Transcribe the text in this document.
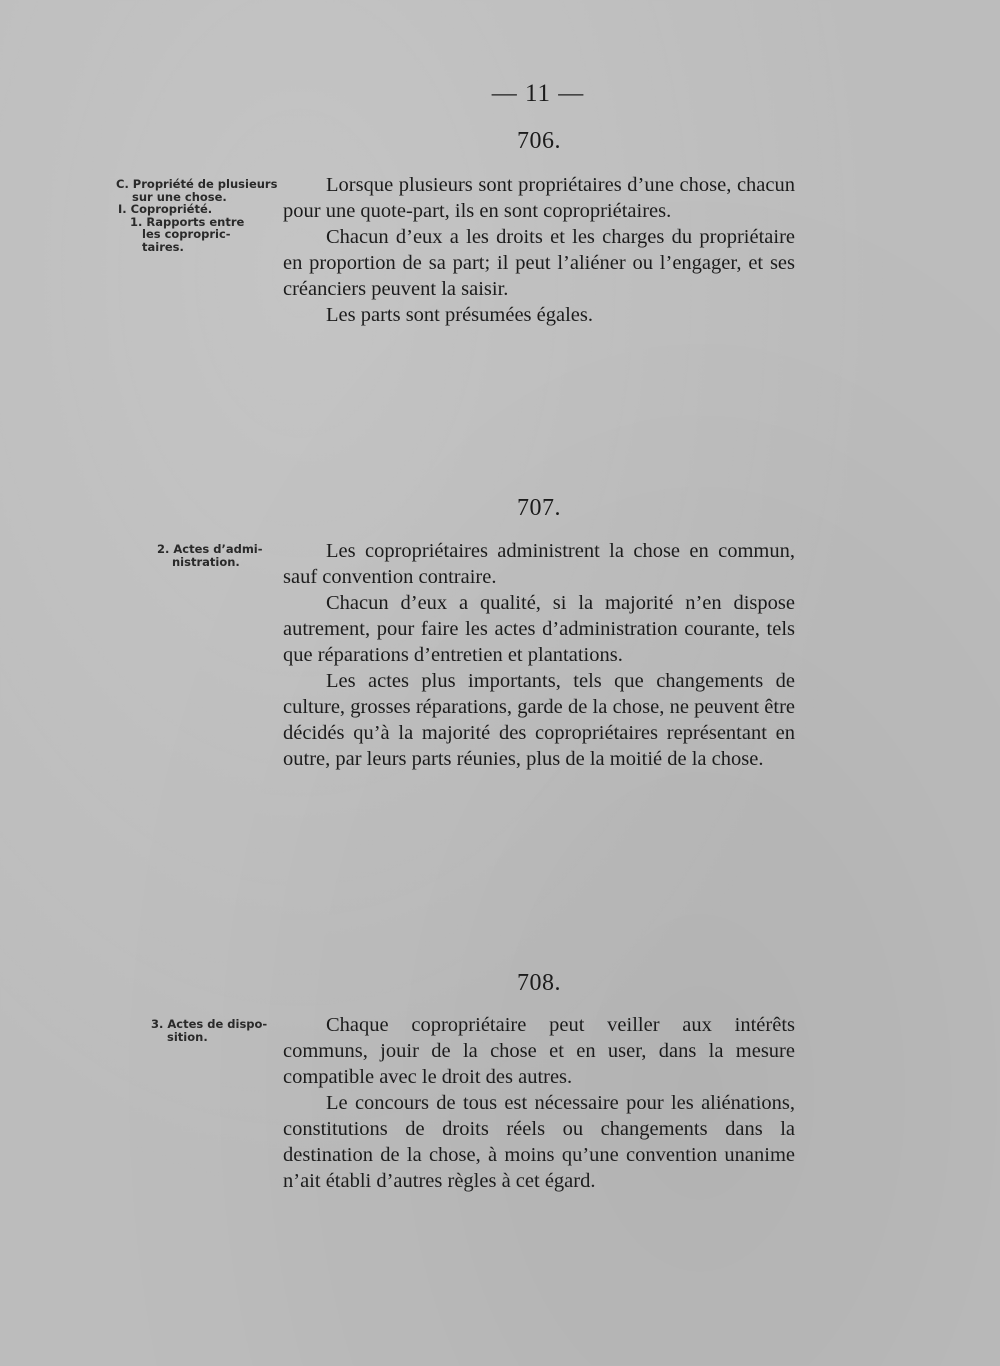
— 11 —
706.
C. Propriété de plusieurs
sur une chose.
I. Copropriété.
1. Rapports entre
les copropric-
taires.

Lorsque plusieurs sont propriétaires d’une chose, chacun pour une quote-part, ils en sont copropriétaires.

Chacun d’eux a les droits et les charges du propriétaire en proportion de sa part; il peut l’aliéner ou l’engager, et ses créanciers peuvent la saisir.

Les parts sont présumées égales.

707.
2. Actes d’admi-
nistration.	Les copropriétaires administrent la chose en commun, sauf convention contraire.

Chacun d’eux a qualité, si la majorité n’en dispose autrement, pour faire les actes d’administration courante, tels que réparations d’entretien et plantations.

Les actes plus importants, tels que changements de culture, grosses réparations, garde de la chose, ne peuvent être décidés qu’à la majorité des copropriétaires représentant en outre, par leurs parts réunies, plus de la moitié de la chose.

708.
3. Actes de dispo-
sition.

Chaque copropriétaire peut veiller aux intérêts communs, jouir de la chose et en user, dans la mesure compatible avec le droit des autres.

Le concours de tous est nécessaire pour les aliénations, constitutions de droits réels ou changements dans la destination de la chose, à moins qu’une convention unanime n’ait établi d’autres règles à cet égard.
